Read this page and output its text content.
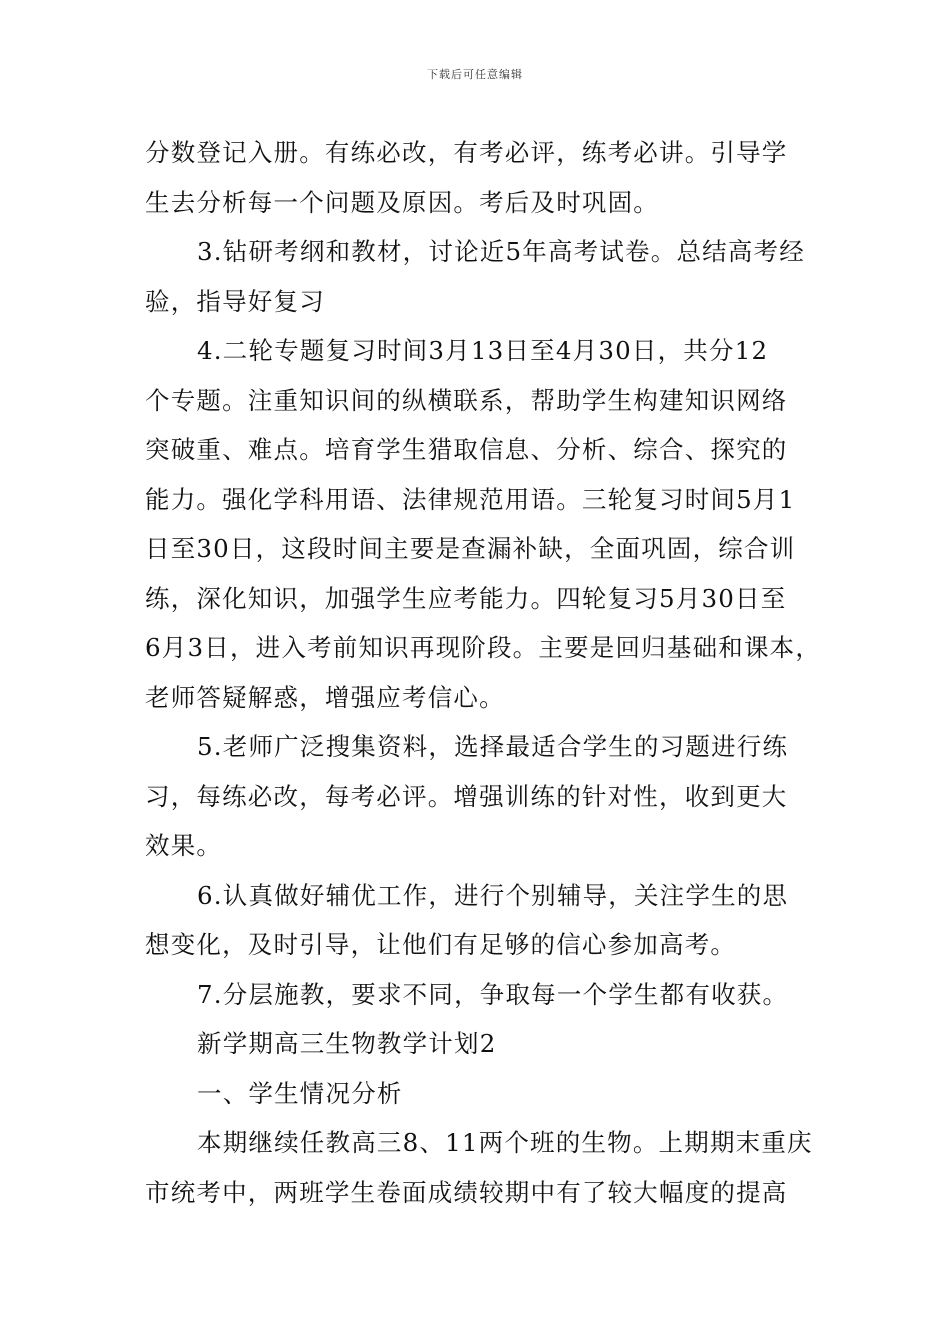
下载后可任意编辑
分数登记入册。有练必改，有考必评，练考必讲。引导学
生去分析每一个问题及原因。考后及时巩固。
3.钻研考纲和教材，讨论近5年高考试卷。总结高考经
验，指导好复习
4.二轮专题复习时间3月13日至4月30日，共分12
个专题。注重知识间的纵横联系，帮助学生构建知识网络
突破重、难点。培育学生猎取信息、分析、综合、探究的
能力。强化学科用语、法律规范用语。三轮复习时间5月1
日至30日，这段时间主要是查漏补缺，全面巩固，综合训
练，深化知识，加强学生应考能力。四轮复习5月30日至
6月3日，进入考前知识再现阶段。主要是回归基础和课本，
老师答疑解惑，增强应考信心。
5.老师广泛搜集资料，选择最适合学生的习题进行练
习，每练必改，每考必评。增强训练的针对性，收到更大
效果。
6.认真做好辅优工作，进行个别辅导，关注学生的思
想变化，及时引导，让他们有足够的信心参加高考。
7.分层施教，要求不同，争取每一个学生都有收获。
新学期高三生物教学计划2
一、学生情况分析
本期继续任教高三8、11两个班的生物。上期期末重庆
市统考中，两班学生卷面成绩较期中有了较大幅度的提高
